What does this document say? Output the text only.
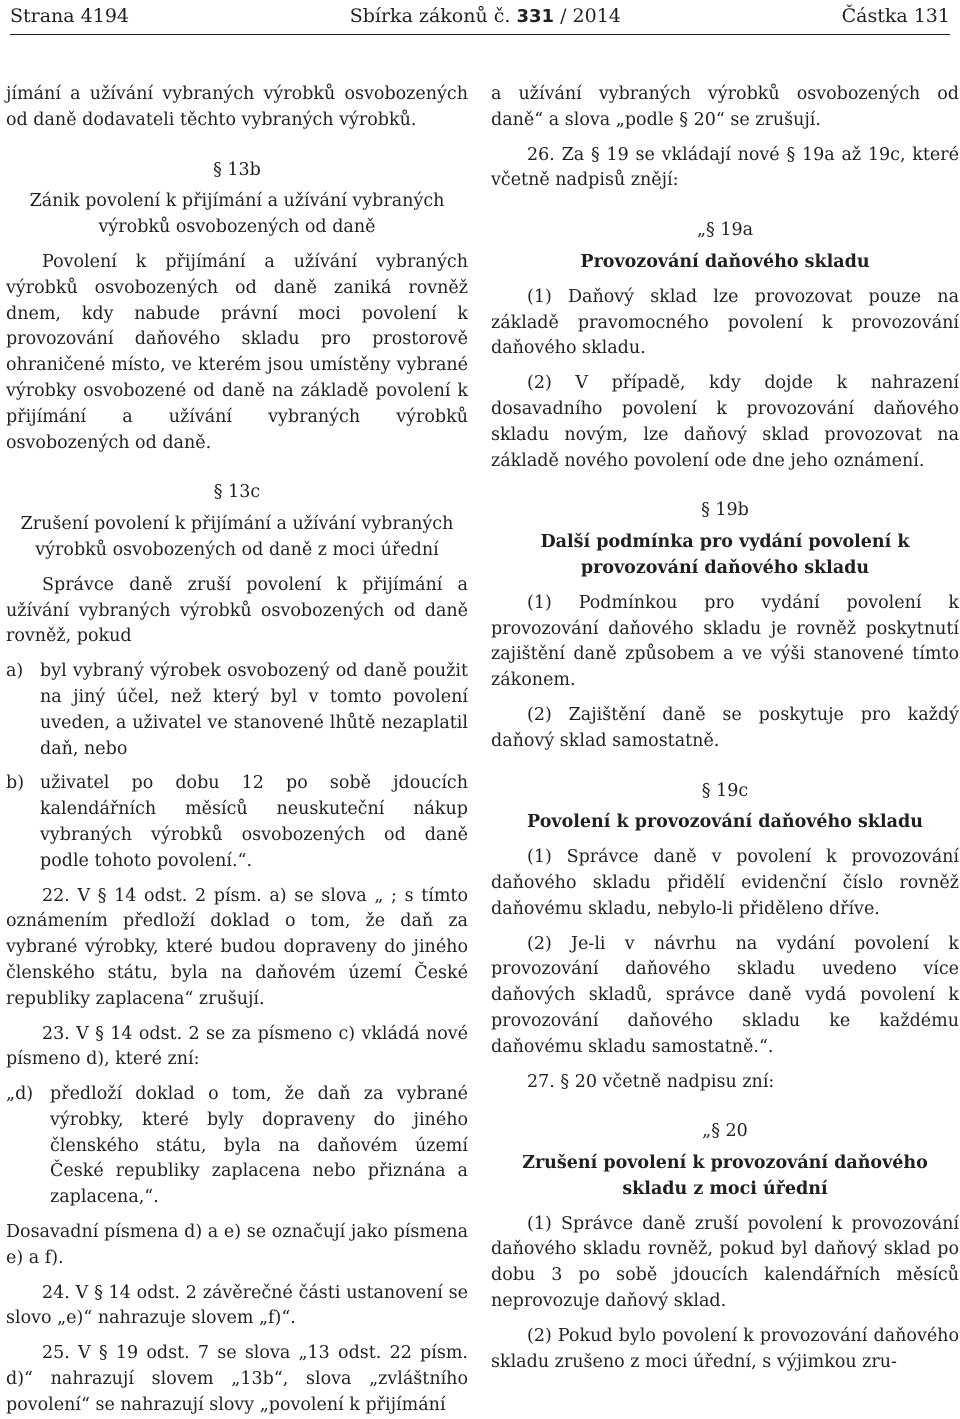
Strana 4194	Sbírka zákonů č. 331 / 2014	Částka 131

jímání a užívání vybraných výrobků osvobozených od daně dodavateli těchto vybraných výrobků.

§ 13b
Zánik povolení k přijímání a užívání vybraných výrobků osvobozených od daně

Povolení k přijímání a užívání vybraných výrobků osvobozených od daně zaniká rovněž dnem, kdy nabude právní moci povolení k provozování daňového skladu pro prostorově ohraničené místo, ve kterém jsou umístěny vybrané výrobky osvobozené od daně na základě povolení k přijímání a užívání vybraných výrobků osvobozených od daně.

§ 13c
Zrušení povolení k přijímání a užívání vybraných výrobků osvobozených od daně z moci úřední

Správce daně zruší povolení k přijímání a užívání vybraných výrobků osvobozených od daně rovněž, pokud

a) byl vybraný výrobek osvobozený od daně použit na jiný účel, než který byl v tomto povolení uveden, a uživatel ve stanovené lhůtě nezaplatil daň, nebo
b) uživatel po dobu 12 po sobě jdoucích kalendářních měsíců neuskuteční nákup vybraných výrobků osvobozených od daně podle tohoto povolení.“.

22. V § 14 odst. 2 písm. a) se slova „ ; s tímto oznámením předloží doklad o tom, že daň za vybrané výrobky, které budou dopraveny do jiného členského státu, byla na daňovém území České republiky zaplacena“ zrušují.

23. V § 14 odst. 2 se za písmeno c) vkládá nové písmeno d), které zní:

„d) předloží doklad o tom, že daň za vybrané výrobky, které byly dopraveny do jiného členského státu, byla na daňovém území České republiky zaplacena nebo přiznána a zaplacena,“.

Dosavadní písmena d) a e) se označují jako písmena e) a f).

24. V § 14 odst. 2 závěrečné části ustanovení se slovo „e)“ nahrazuje slovem „f)“.

25. V § 19 odst. 7 se slova „13 odst. 22 písm. d)“ nahrazují slovem „13b“, slova „zvláštního povolení“ se nahrazují slovy „povolení k přijímání

a užívání vybraných výrobků osvobozených od daně“ a slova „podle § 20“ se zrušují.

26. Za § 19 se vkládají nové § 19a až 19c, které včetně nadpisů znějí:

„§ 19a
Provozování daňového skladu

(1) Daňový sklad lze provozovat pouze na základě pravomocného povolení k provozování daňového skladu.

(2) V případě, kdy dojde k nahrazení dosavadního povolení k provozování daňového skladu novým, lze daňový sklad provozovat na základě nového povolení ode dne jeho oznámení.

§ 19b
Další podmínka pro vydání povolení k provozování daňového skladu

(1) Podmínkou pro vydání povolení k provozování daňového skladu je rovněž poskytnutí zajištění daně způsobem a ve výši stanovené tímto zákonem.

(2) Zajištění daně se poskytuje pro každý daňový sklad samostatně.

§ 19c
Povolení k provozování daňového skladu

(1) Správce daně v povolení k provozování daňového skladu přidělí evidenční číslo rovněž daňovému skladu, nebylo-li přiděleno dříve.

(2) Je-li v návrhu na vydání povolení k provozování daňového skladu uvedeno více daňových skladů, správce daně vydá povolení k provozování daňového skladu ke každému daňovému skladu samostatně.“.

27. § 20 včetně nadpisu zní:

„§ 20
Zrušení povolení k provozování daňového skladu z moci úřední

(1) Správce daně zruší povolení k provozování daňového skladu rovněž, pokud byl daňový sklad po dobu 3 po sobě jdoucích kalendářních měsíců neprovozuje daňový sklad.

(2) Pokud bylo povolení k provozování daňového skladu zrušeno z moci úřední, s výjimkou zru-
